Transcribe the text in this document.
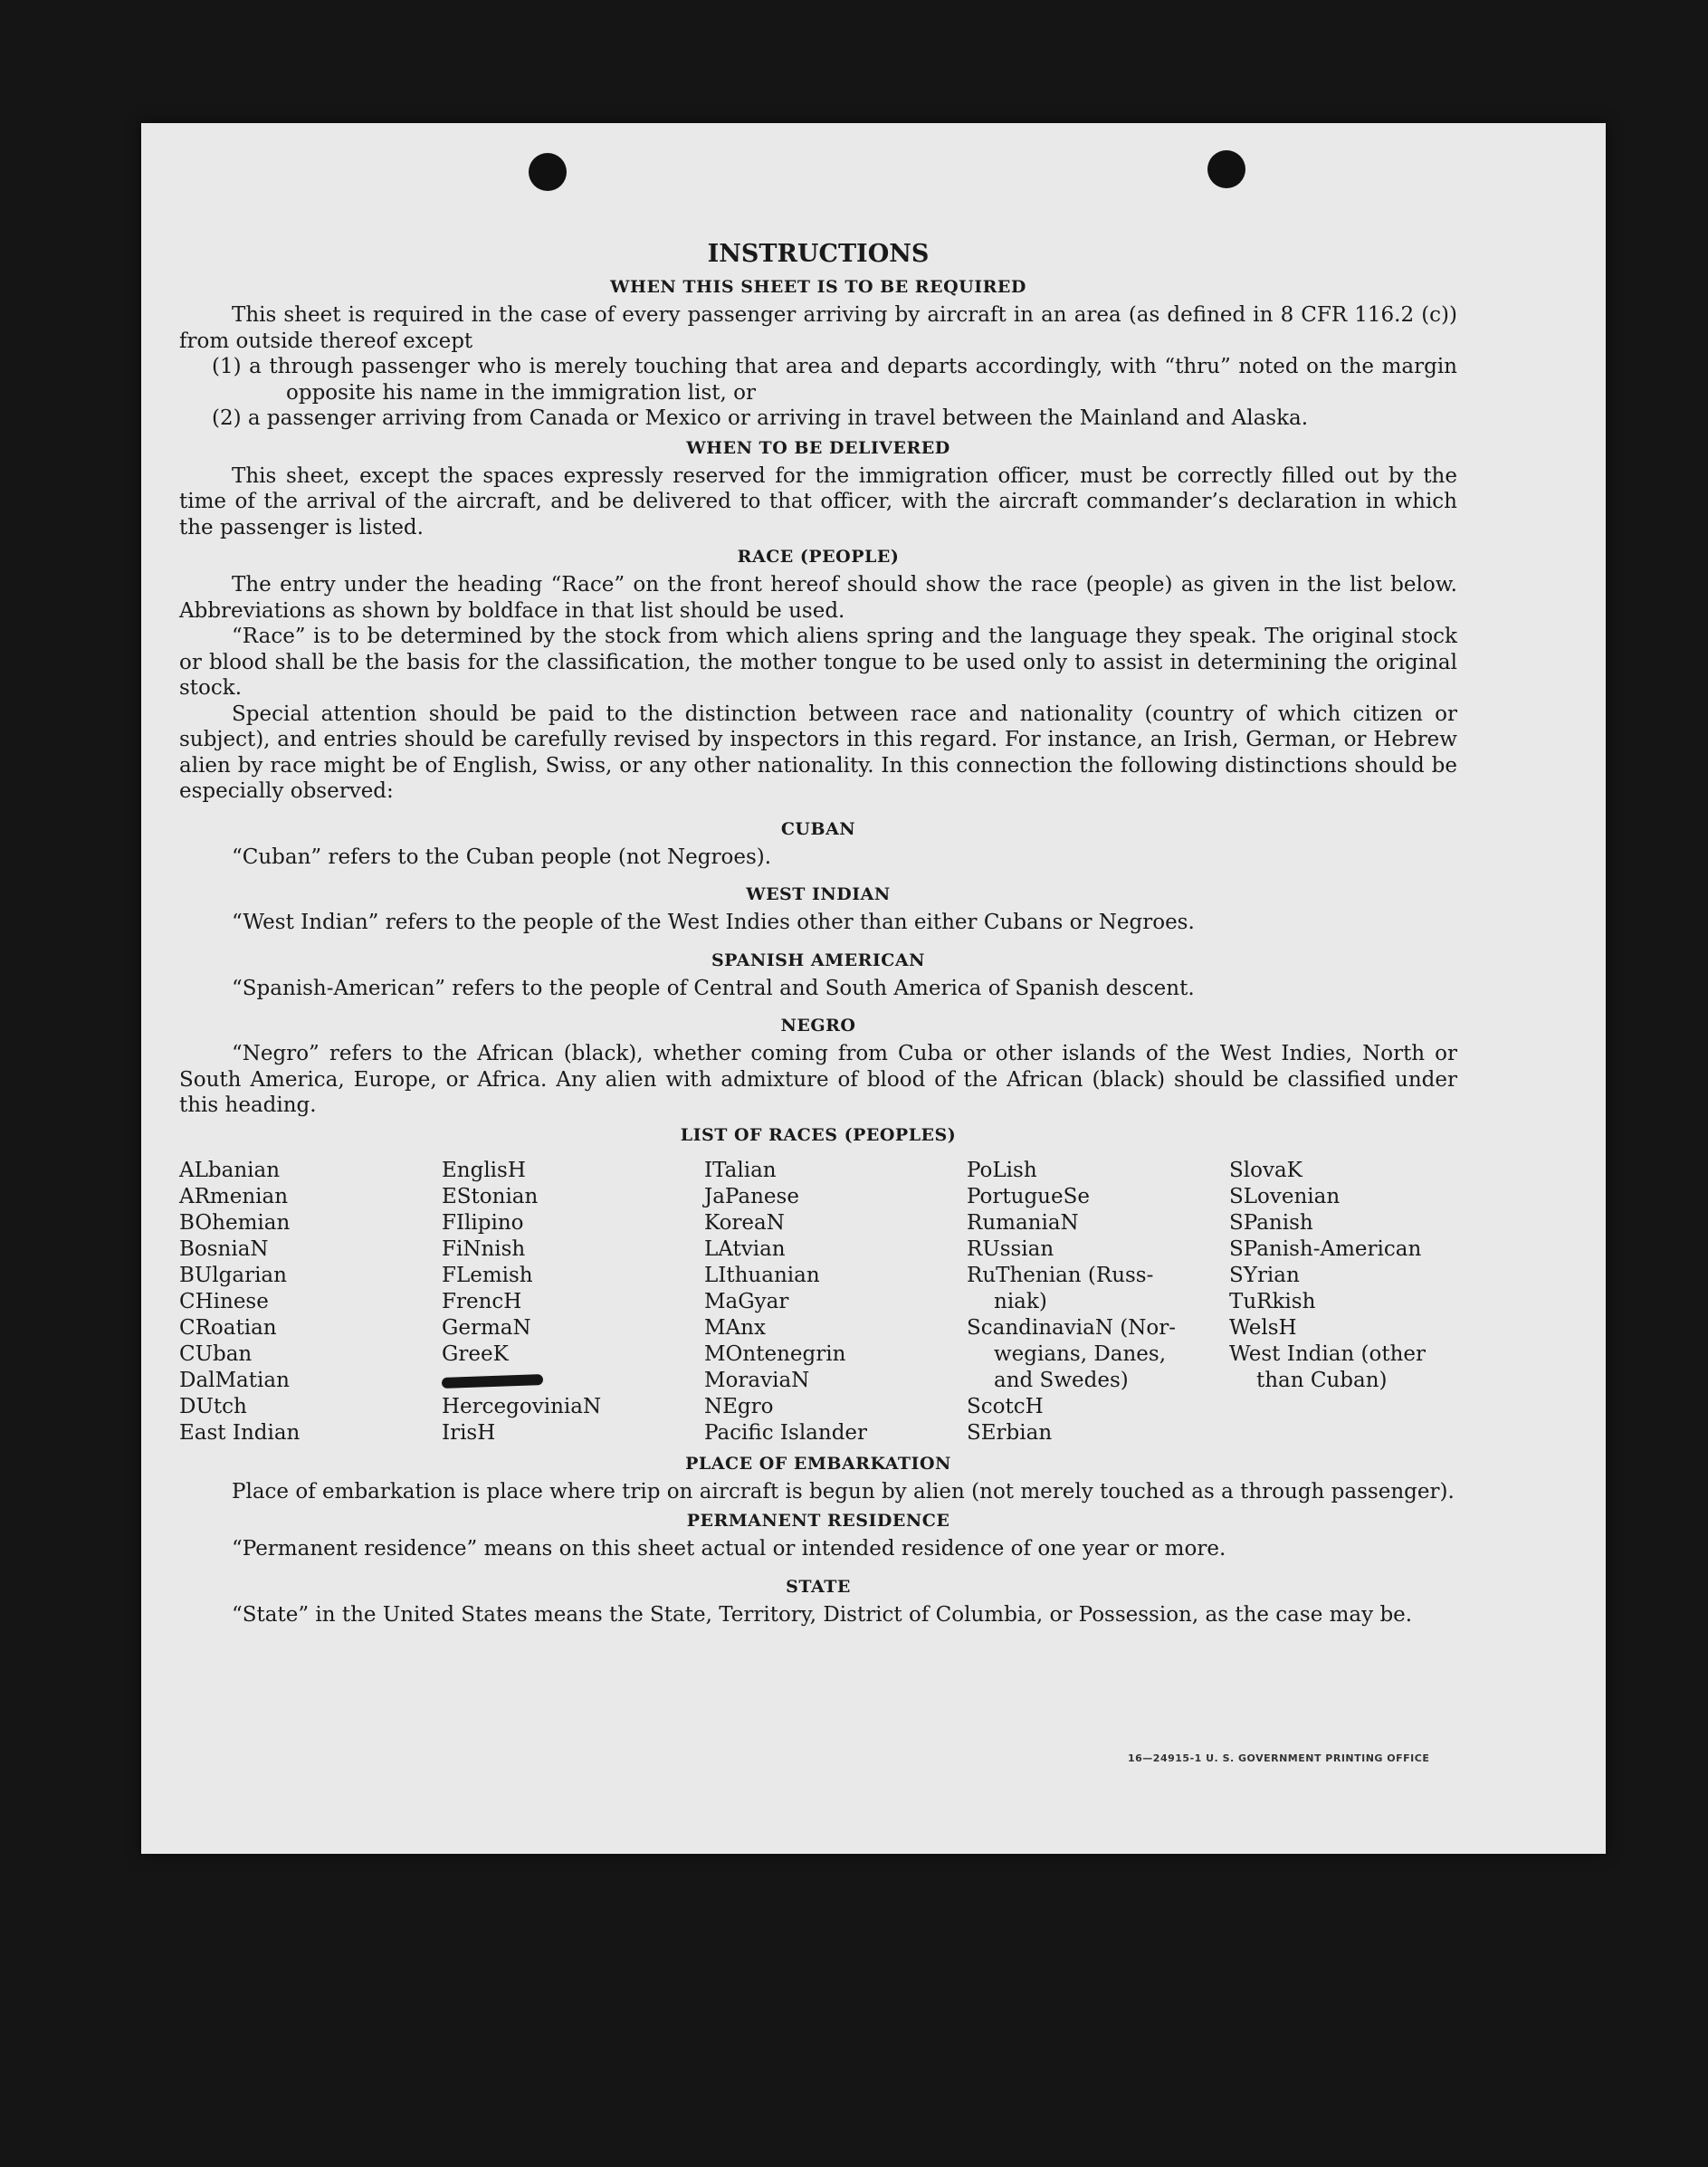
INSTRUCTIONS
WHEN THIS SHEET IS TO BE REQUIRED

This sheet is required in the case of every passenger arriving by aircraft in an area (as defined in 8 CFR 116.2 (c)) from outside thereof except

(1) a through passenger who is merely touching that area and departs accordingly, with “thru” noted on the margin opposite his name in the immigration list, or

(2) a passenger arriving from Canada or Mexico or arriving in travel between the Mainland and Alaska.

WHEN TO BE DELIVERED

This sheet, except the spaces expressly reserved for the immigration officer, must be correctly filled out by the time of the arrival of the aircraft, and be delivered to that officer, with the aircraft commander’s declaration in which the passenger is listed.

RACE (PEOPLE)

The entry under the heading “Race” on the front hereof should show the race (people) as given in the list below. Abbreviations as shown by boldface in that list should be used.

“Race” is to be determined by the stock from which aliens spring and the language they speak. The original stock or blood shall be the basis for the classification, the mother tongue to be used only to assist in determining the original stock.

Special attention should be paid to the distinction between race and nationality (country of which citizen or subject), and entries should be carefully revised by inspectors in this regard. For instance, an Irish, German, or Hebrew alien by race might be of English, Swiss, or any other nationality. In this connection the following distinctions should be especially observed:

CUBAN

“Cuban” refers to the Cuban people (not Negroes).

WEST INDIAN

“West Indian” refers to the people of the West Indies other than either Cubans or Negroes.

SPANISH AMERICAN

“Spanish-American” refers to the people of Central and South America of Spanish descent.

NEGRO

“Negro” refers to the African (black), whether coming from Cuba or other islands of the West Indies, North or South America, Europe, or Africa. Any alien with admixture of blood of the African (black) should be classified under this heading.

LIST OF RACES (PEOPLES)
ALbanian
ARmenian
BOhemian
BosniaN
BUlgarian
CHinese
CRoatian
CUban
DalMatian
DUtch
East Indian
EnglisH
EStonian
FIlipino
FiNnish
FLemish
FrencH
GermaN
GreeK
HercegoviniaN
IrisH
ITalian
JaPanese
KoreaN
LAtvian
LIthuanian
MaGyar
MAnx
MOntenegrin
MoraviaN
NEgro
Pacific Islander
PoLish
PortugueSe
RumaniaN
RUssian
RuThenian (Russ-
niak)
ScandinaviaN (Nor-
wegians, Danes,
and Swedes)
ScotcH
SErbian
SlovaK
SLovenian
SPanish
SPanish-American
SYrian
TuRkish
WelsH
West Indian (other
than Cuban)
PLACE OF EMBARKATION

Place of embarkation is place where trip on aircraft is begun by alien (not merely touched as a through passenger).

PERMANENT RESIDENCE

“Permanent residence” means on this sheet actual or intended residence of one year or more.

STATE

“State” in the United States means the State, Territory, District of Columbia, or Possession, as the case may be.

16—24915-1 U. S. GOVERNMENT PRINTING OFFICE
